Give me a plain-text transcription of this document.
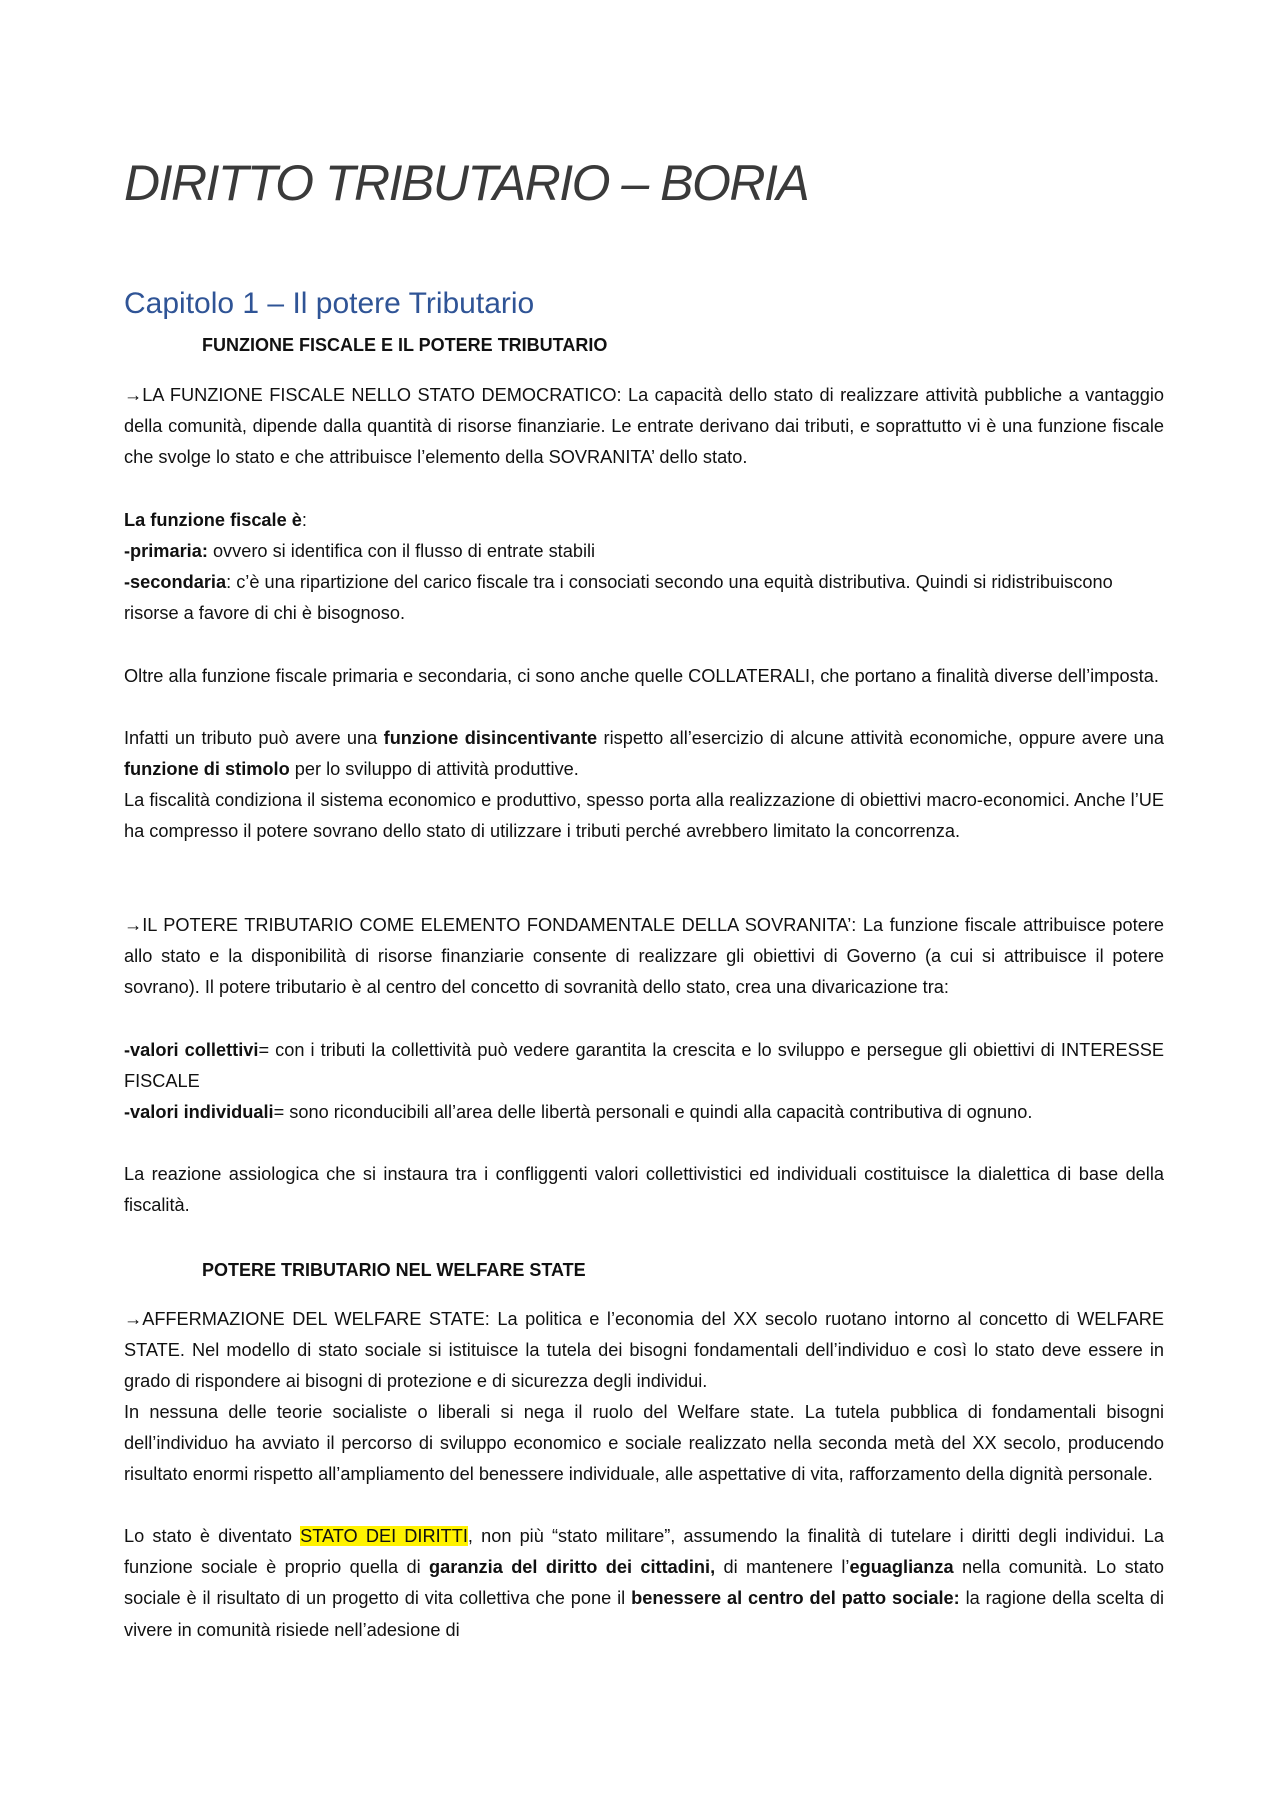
DIRITTO TRIBUTARIO – BORIA
Capitolo 1 – Il potere Tributario
FUNZIONE FISCALE E IL POTERE TRIBUTARIO

→LA FUNZIONE FISCALE NELLO STATO DEMOCRATICO: La capacità dello stato di realizzare attività pubbliche a vantaggio della comunità, dipende dalla quantità di risorse finanziarie. Le entrate derivano dai tributi, e soprattutto vi è una funzione fiscale che svolge lo stato e che attribuisce l’elemento della SOVRANITA’ dello stato.

La funzione fiscale è:

-primaria: ovvero si identifica con il flusso di entrate stabili

-secondaria: c’è una ripartizione del carico fiscale tra i consociati secondo una equità distributiva. Quindi si ridistribuiscono risorse a favore di chi è bisognoso.

Oltre alla funzione fiscale primaria e secondaria, ci sono anche quelle COLLATERALI, che portano a finalità diverse dell’imposta.

Infatti un tributo può avere una funzione disincentivante rispetto all’esercizio di alcune attività economiche, oppure avere una funzione di stimolo per lo sviluppo di attività produttive.

La fiscalità condiziona il sistema economico e produttivo, spesso porta alla realizzazione di obiettivi macro-economici. Anche l’UE ha compresso il potere sovrano dello stato di utilizzare i tributi perché avrebbero limitato la concorrenza.

→IL POTERE TRIBUTARIO COME ELEMENTO FONDAMENTALE DELLA SOVRANITA’: La funzione fiscale attribuisce potere allo stato e la disponibilità di risorse finanziarie consente di realizzare gli obiettivi di Governo (a cui si attribuisce il potere sovrano). Il potere tributario è al centro del concetto di sovranità dello stato, crea una divaricazione tra:

-valori collettivi= con i tributi la collettività può vedere garantita la crescita e lo sviluppo e persegue gli obiettivi di INTERESSE FISCALE

-valori individuali= sono riconducibili all’area delle libertà personali e quindi alla capacità contributiva di ognuno.

La reazione assiologica che si instaura tra i confliggenti valori collettivistici ed individuali costituisce la dialettica di base della fiscalità.

POTERE TRIBUTARIO NEL WELFARE STATE

→AFFERMAZIONE DEL WELFARE STATE: La politica e l’economia del XX secolo ruotano intorno al concetto di WELFARE STATE. Nel modello di stato sociale si istituisce la tutela dei bisogni fondamentali dell’individuo e così lo stato deve essere in grado di rispondere ai bisogni di protezione e di sicurezza degli individui.

In nessuna delle teorie socialiste o liberali si nega il ruolo del Welfare state. La tutela pubblica di fondamentali bisogni dell’individuo ha avviato il percorso di sviluppo economico e sociale realizzato nella seconda metà del XX secolo, producendo risultato enormi rispetto all’ampliamento del benessere individuale, alle aspettative di vita, rafforzamento della dignità personale.

Lo stato è diventato STATO DEI DIRITTI, non più “stato militare”, assumendo la finalità di tutelare i diritti degli individui. La funzione sociale è proprio quella di garanzia del diritto dei cittadini, di mantenere l’eguaglianza nella comunità. Lo stato sociale è il risultato di un progetto di vita collettiva che pone il benessere al centro del patto sociale: la ragione della scelta di vivere in comunità risiede nell’adesione di
